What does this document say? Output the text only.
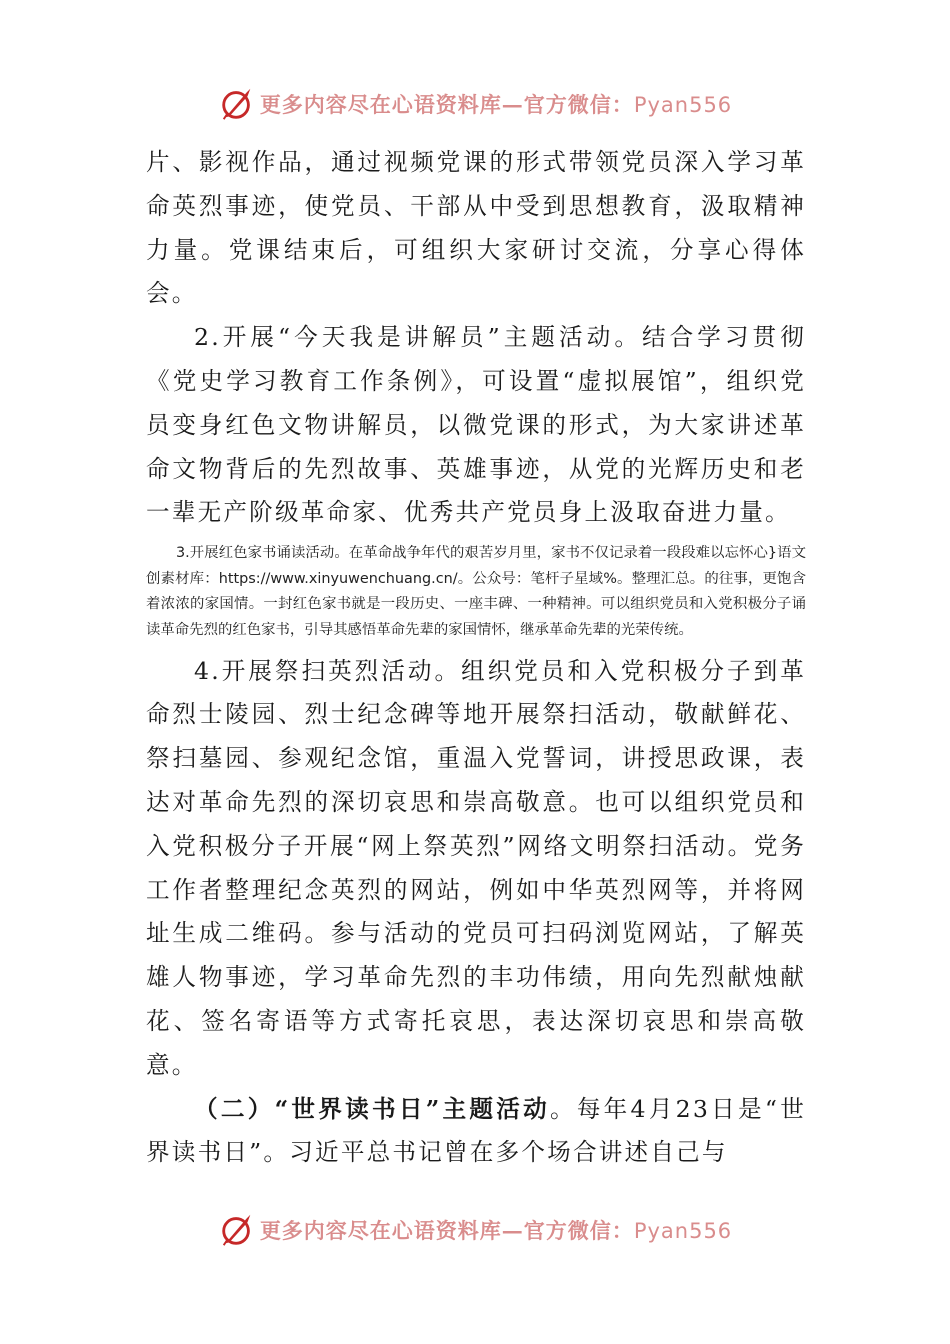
更多内容尽在心语资料库—官方微信：Pyan556

片、影视作品，通过视频党课的形式带领党员深入学习革命英烈事迹，使党员、干部从中受到思想教育，汲取精神力量。党课结束后，可组织大家研讨交流，分享心得体会。

2.开展“今天我是讲解员”主题活动。结合学习贯彻《党史学习教育工作条例》，可设置“虚拟展馆”，组织党员变身红色文物讲解员，以微党课的形式，为大家讲述革命文物背后的先烈故事、英雄事迹，从党的光辉历史和老一辈无产阶级革命家、优秀共产党员身上汲取奋进力量。

3.开展红色家书诵读活动。在革命战争年代的艰苦岁月里，家书不仅记录着一段段难以忘怀心}语文创素材库：https://www.xinyuwenchuang.cn/。公众号：笔杆子星域%。整理汇总。的往事，更饱含着浓浓的家国情。一封红色家书就是一段历史、一座丰碑、一种精神。可以组织党员和入党积极分子诵读革命先烈的红色家书，引导其感悟革命先辈的家国情怀，继承革命先辈的光荣传统。

4.开展祭扫英烈活动。组织党员和入党积极分子到革命烈士陵园、烈士纪念碑等地开展祭扫活动，敬献鲜花、祭扫墓园、参观纪念馆，重温入党誓词，讲授思政课，表达对革命先烈的深切哀思和崇高敬意。也可以组织党员和入党积极分子开展“网上祭英烈”网络文明祭扫活动。党务工作者整理纪念英烈的网站，例如中华英烈网等，并将网址生成二维码。参与活动的党员可扫码浏览网站，了解英雄人物事迹，学习革命先烈的丰功伟绩，用向先烈献烛献花、签名寄语等方式寄托哀思，表达深切哀思和崇高敬意。

（二）“世界读书日”主题活动。每年4月23日是“世界读书日”。习近平总书记曾在多个场合讲述自己与

更多内容尽在心语资料库—官方微信：Pyan556
